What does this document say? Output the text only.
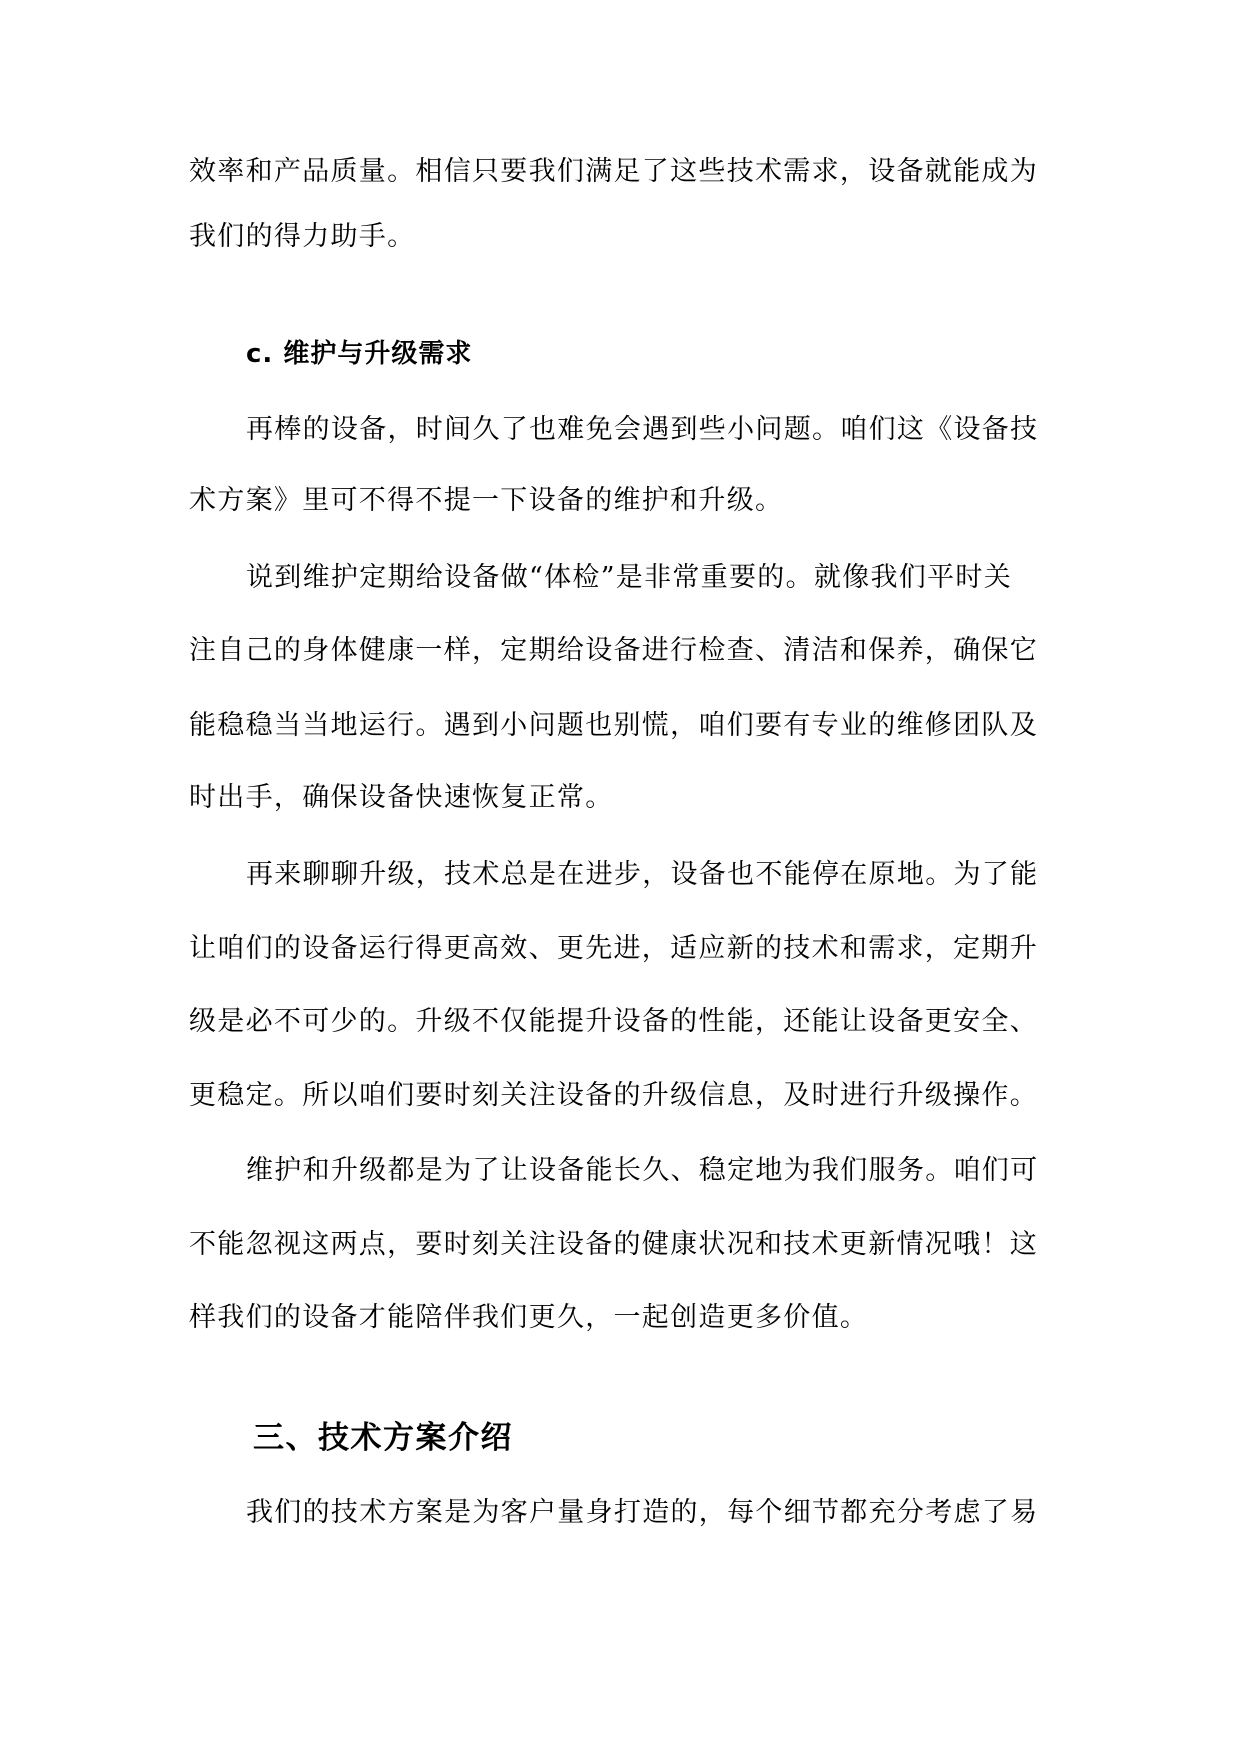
效率和产品质量。相信只要我们满足了这些技术需求，设备就能成为
我们的得力助手。
c. 维护与升级需求
再棒的设备，时间久了也难免会遇到些小问题。咱们这《设备技
术方案》里可不得不提一下设备的维护和升级。
说到维护定期给设备做“体检”是非常重要的。就像我们平时关
注自己的身体健康一样，定期给设备进行检查、清洁和保养，确保它
能稳稳当当地运行。遇到小问题也别慌，咱们要有专业的维修团队及
时出手，确保设备快速恢复正常。
再来聊聊升级，技术总是在进步，设备也不能停在原地。为了能
让咱们的设备运行得更高效、更先进，适应新的技术和需求，定期升
级是必不可少的。升级不仅能提升设备的性能，还能让设备更安全、
更稳定。所以咱们要时刻关注设备的升级信息，及时进行升级操作。
维护和升级都是为了让设备能长久、稳定地为我们服务。咱们可
不能忽视这两点，要时刻关注设备的健康状况和技术更新情况哦！这
样我们的设备才能陪伴我们更久，一起创造更多价值。
三、技术方案介绍
我们的技术方案是为客户量身打造的，每个细节都充分考虑了易
